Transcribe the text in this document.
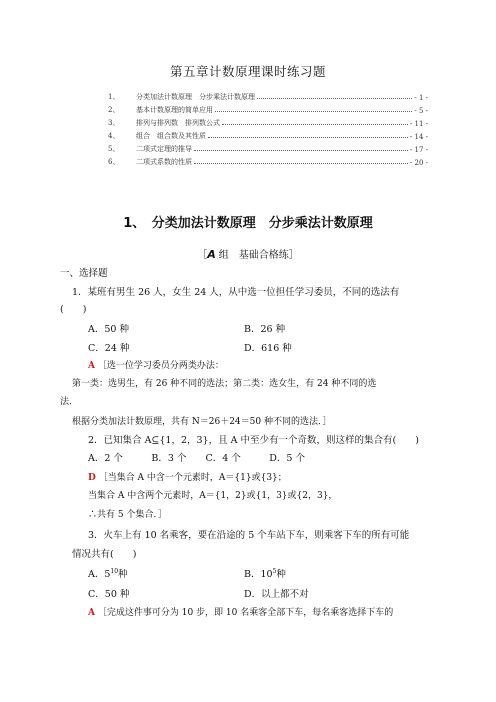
第五章计数原理课时练习题
1、	分类加法计数原理　分步乘法计数原理	- 1 -
2、	基本计数原理的简单应用	- 5 -
3、	排列与排列数　排列数公式	- 11 -
4、	组合　组合数及其性质	- 14 -
5、	二项式定理的推导	- 17 -
6、	二项式系数的性质	- 20 -
1、　分类加法计数原理　分步乘法计数原理
［A 组　基础合格练］
一、选择题
1．某班有男生 26 人，女生 24 人，从中选一位担任学习委员，不同的选法有
(　　)
A．50 种	B．26 种
C．24 种	D．616 种
A ［选一位学习委员分两类办法：
第一类：选男生，有 26 种不同的选法；第二类：选女生，有 24 种不同的选
法．
根据分类加法计数原理，共有 N＝26＋24＝50 种不同的选法．］
2．已知集合 A⊆{1，2，3}，且 A 中至少有一个奇数，则这样的集合有(　　)
A．2 个　　　B．3 个　　C．4 个　　　D．5 个
D ［当集合 A 中含一个元素时，A＝{1}或{3}；
当集合 A 中含两个元素时，A＝{1，2}或{1，3}或{2，3}，
∴共有 5 个集合．］
3．火车上有 10 名乘客，要在沿途的 5 个车站下车，则乘客下车的所有可能
情况共有(　　)
A．$5^{10}$种	B．$10^5$种
C．50 种	D．以上都不对
A ［完成这件事可分为 10 步，即 10 名乘客全部下车，每名乘客选择下车的
